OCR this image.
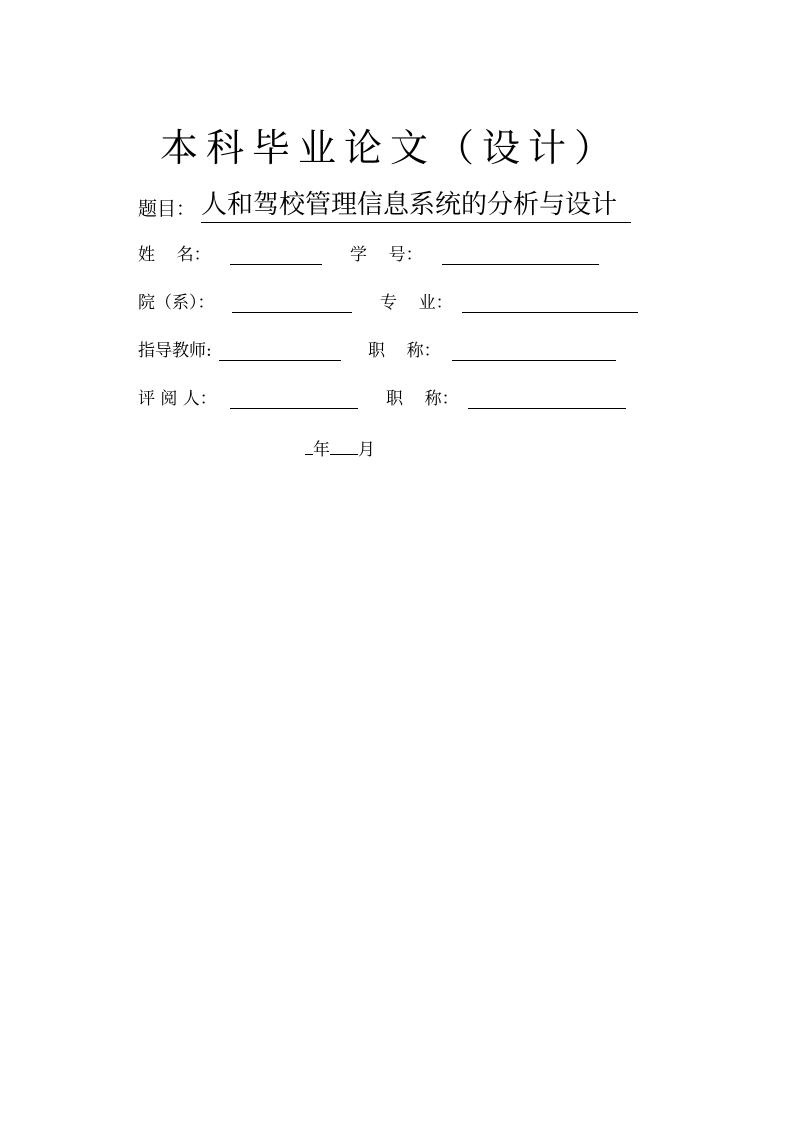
本科毕业论文（设计）
题目： 人和驾校管理信息系统的分析与设计
姓    名：	学    号：
院（系）：	专    业：
指导教师:	职    称：
评 阅 人：	职    称：
年 月
